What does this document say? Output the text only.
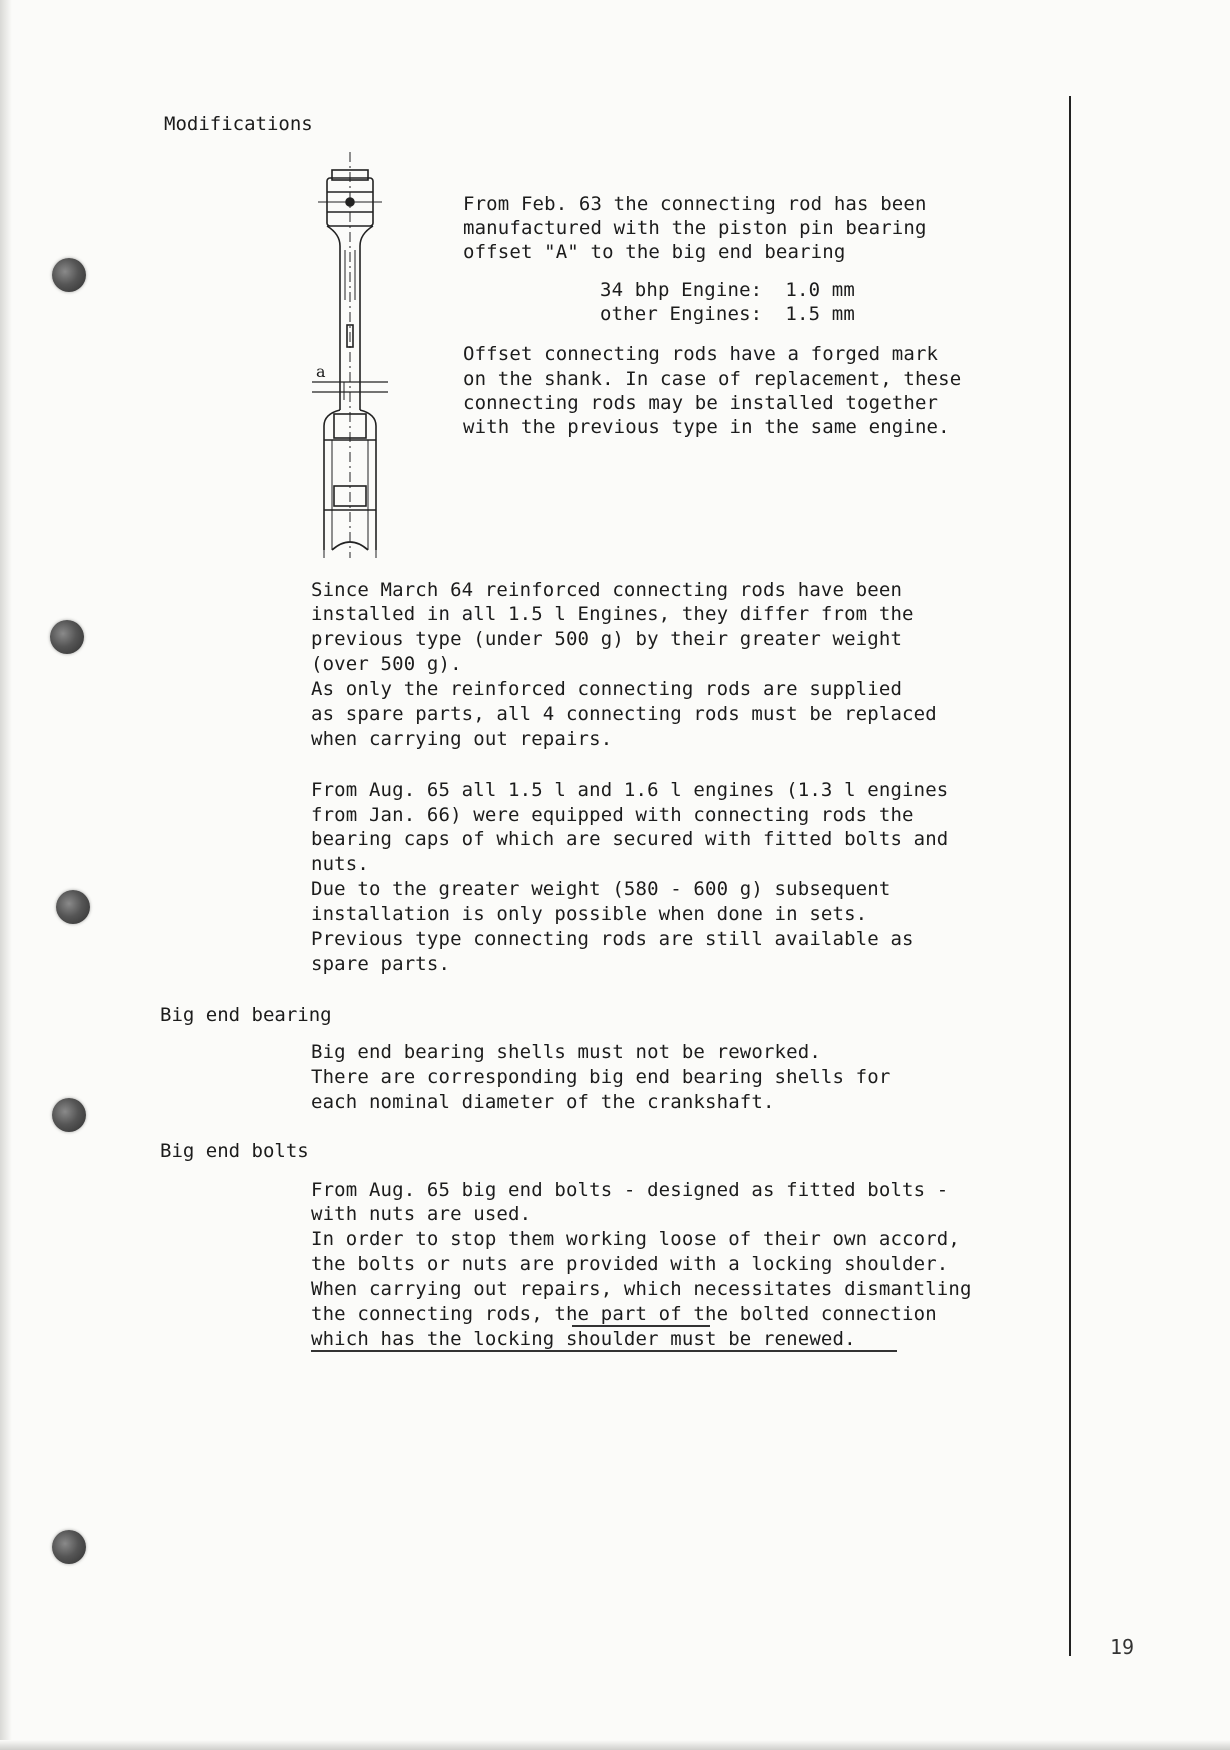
Modifications
Big end bearing
Big end bolts
a
From Feb. 63 the connecting rod has been
manufactured with the piston pin bearing
offset "A" to the big end bearing
34 bhp Engine:  1.0 mm
other Engines:  1.5 mm
Offset connecting rods have a forged mark
on the shank. In case of replacement, these
connecting rods may be installed together
with the previous type in the same engine.
Since March 64 reinforced connecting rods have been
installed in all 1.5 l Engines, they differ from the
previous type (under 500 g) by their greater weight
(over 500 g).
As only the reinforced connecting rods are supplied
as spare parts, all 4 connecting rods must be replaced
when carrying out repairs.
From Aug. 65 all 1.5 l and 1.6 l engines (1.3 l engines
from Jan. 66) were equipped with connecting rods the
bearing caps of which are secured with fitted bolts and
nuts.
Due to the greater weight (580 - 600 g) subsequent
installation is only possible when done in sets.
Previous type connecting rods are still available as
spare parts.
Big end bearing shells must not be reworked.
There are corresponding big end bearing shells for
each nominal diameter of the crankshaft.
From Aug. 65 big end bolts - designed as fitted bolts -
with nuts are used.
In order to stop them working loose of their own accord,
the bolts or nuts are provided with a locking shoulder.
When carrying out repairs, which necessitates dismantling
the connecting rods, the part of the bolted connection
which has the locking shoulder must be renewed.
19
